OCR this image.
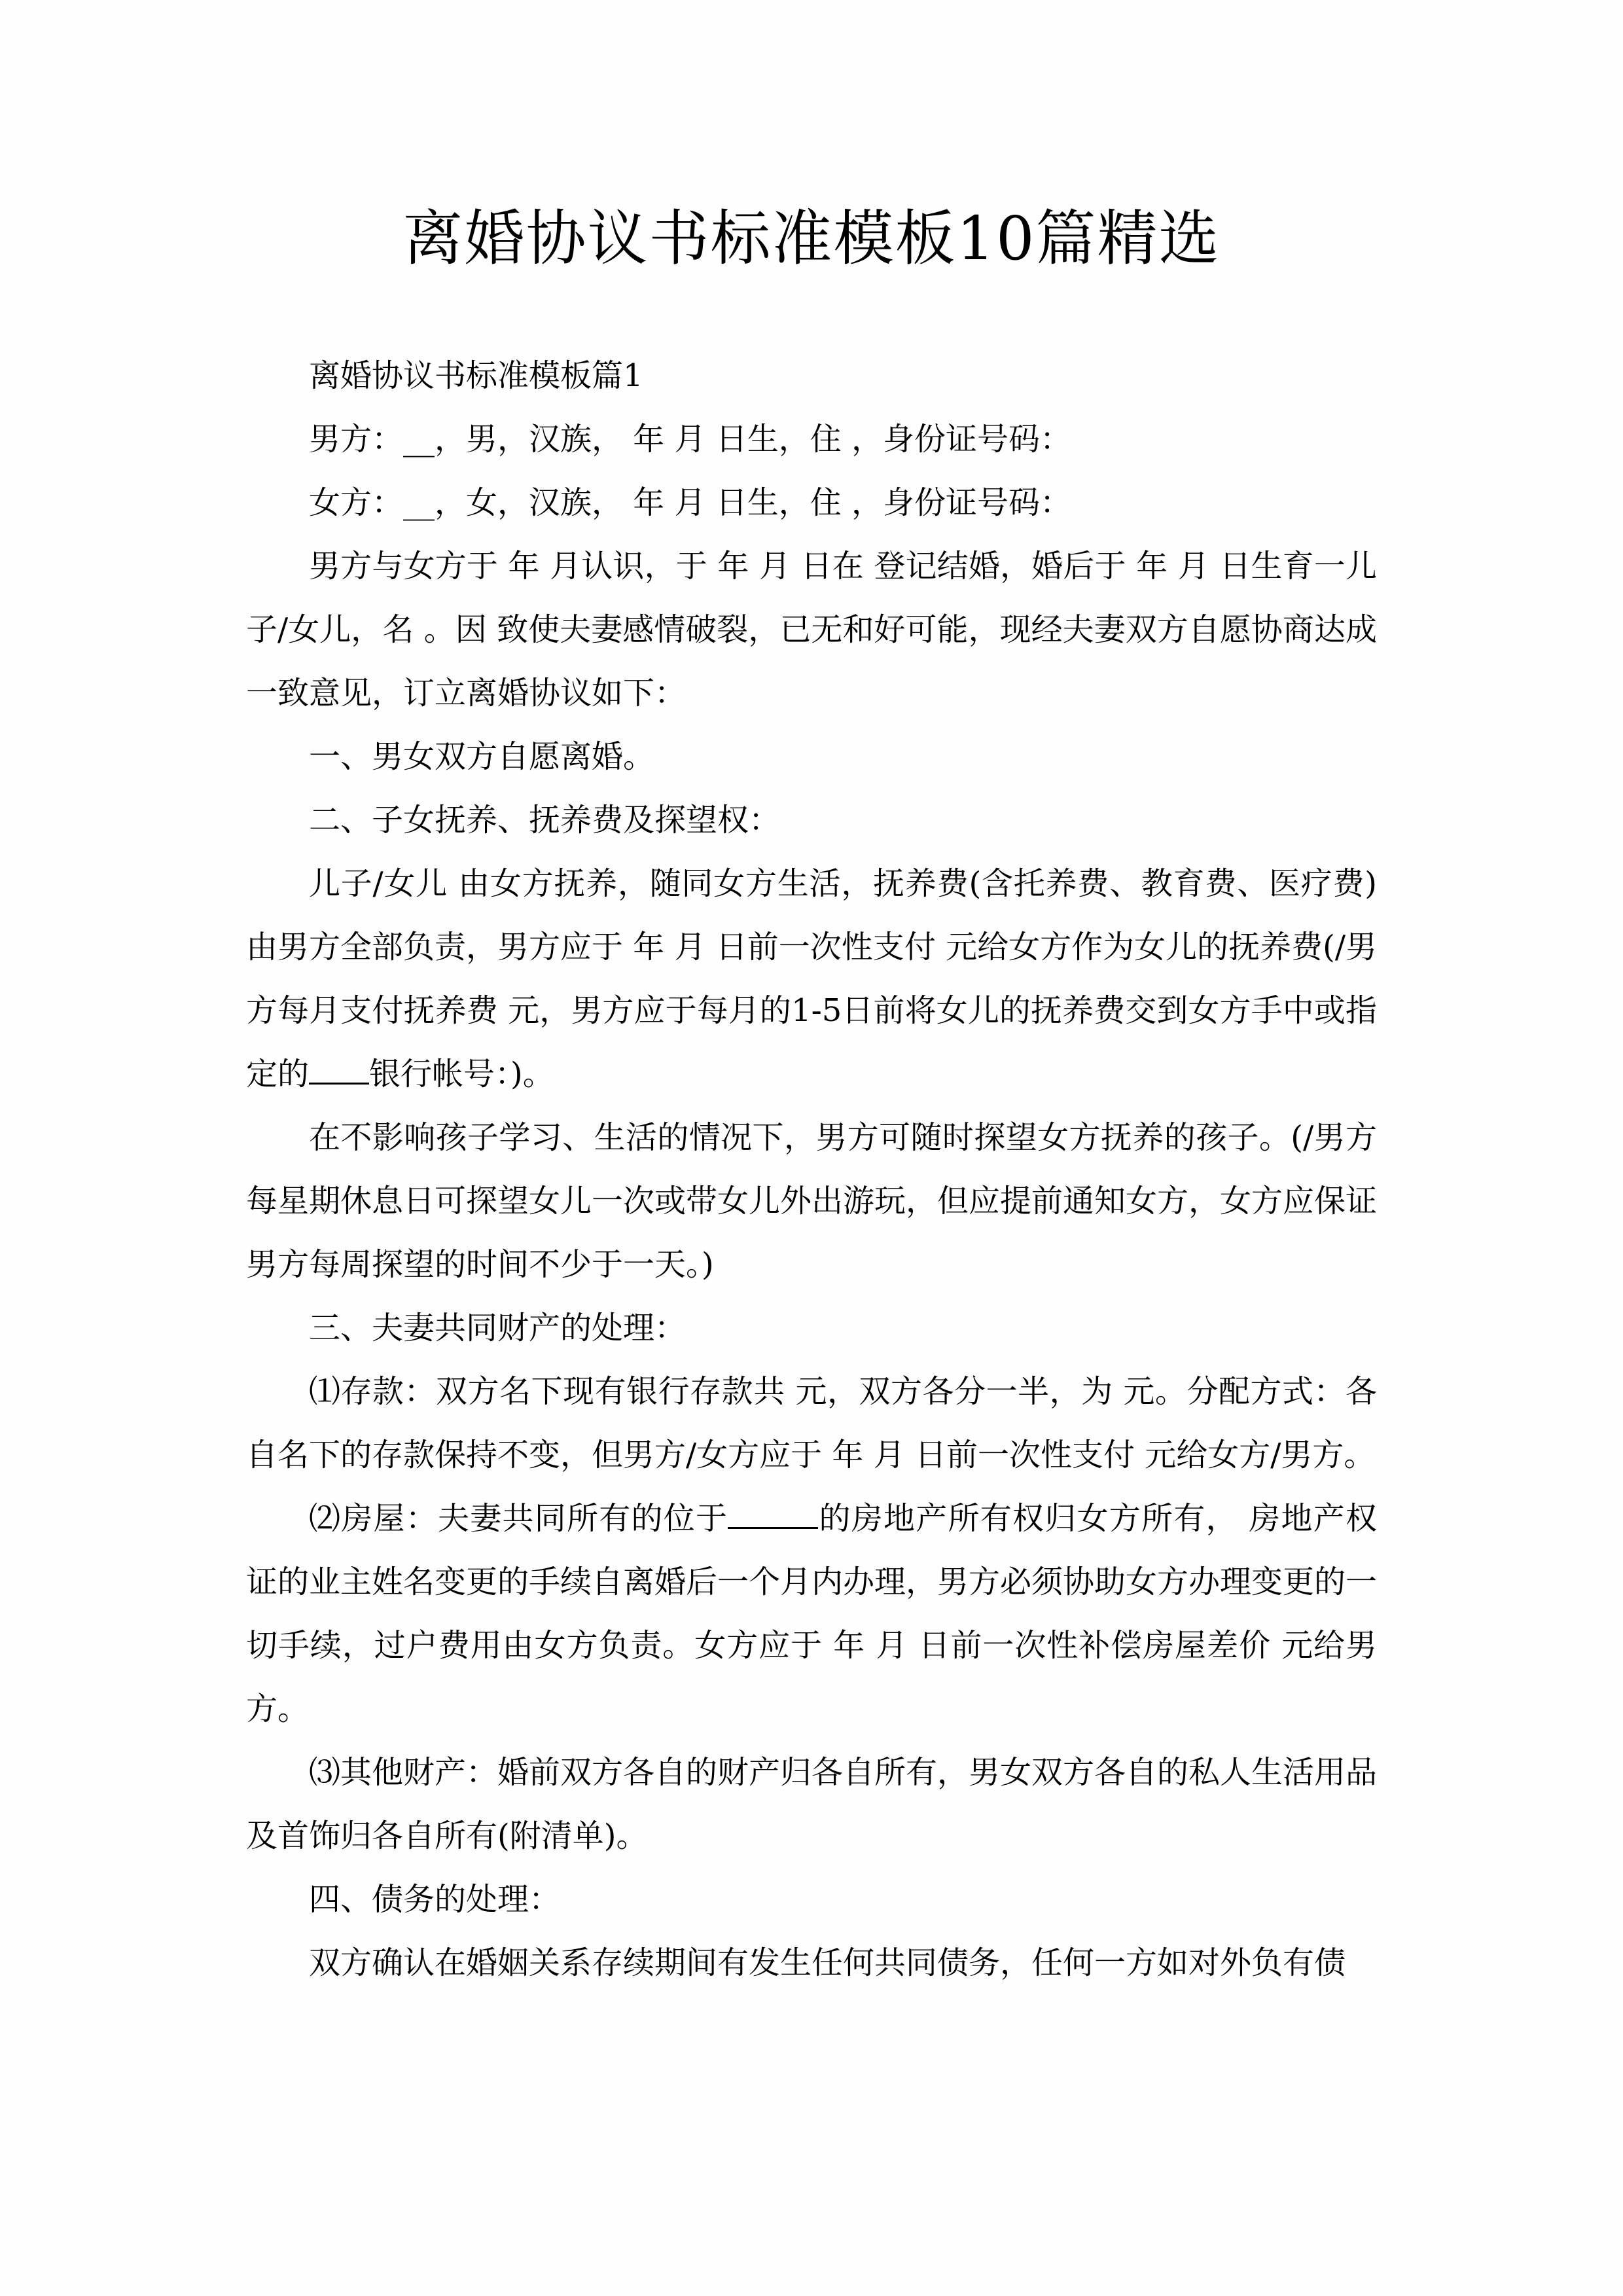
离婚协议书标准模板10篇精选

离婚协议书标准模板篇1

男方：__，男，汉族， 年 月 日生，住 ，身份证号码：

女方：__，女，汉族， 年 月 日生，住 ，身份证号码：

男方与女方于 年 月认识，于 年 月 日在 登记结婚，婚后于 年 月 日生育一儿子/女儿，名 。因 致使夫妻感情破裂，已无和好可能，现经夫妻双方自愿协商达成一致意见，订立离婚协议如下：

一、男女双方自愿离婚。

二、子女抚养、抚养费及探望权：

儿子/女儿 由女方抚养，随同女方生活，抚养费(含托养费、教育费、医疗费)由男方全部负责，男方应于 年 月 日前一次性支付 元给女方作为女儿的抚养费(/男方每月支付抚养费 元，男方应于每月的1-5日前将女儿的抚养费交到女方手中或指定的 银行帐号：)。

在不影响孩子学习、生活的情况下，男方可随时探望女方抚养的孩子。(/男方每星期休息日可探望女儿一次或带女儿外出游玩，但应提前通知女方，女方应保证男方每周探望的时间不少于一天。)

三、夫妻共同财产的处理：

⑴存款：双方名下现有银行存款共 元，双方各分一半，为 元。分配方式：各自名下的存款保持不变，但男方/女方应于 年 月 日前一次性支付 元给女方/男方。

⑵房屋：夫妻共同所有的位于	的房地产所有权归女方所有， 房地产权证的业主姓名变更的手续自离婚后一个月内办理，男方必须协助女方办理变更的一切手续，过户费用由女方负责。女方应于 年 月 日前一次性补偿房屋差价 元给男方。

⑶其他财产：婚前双方各自的财产归各自所有，男女双方各自的私人生活用品及首饰归各自所有(附清单)。

四、债务的处理：

双方确认在婚姻关系存续期间有发生任何共同债务，任何一方如对外负有债
